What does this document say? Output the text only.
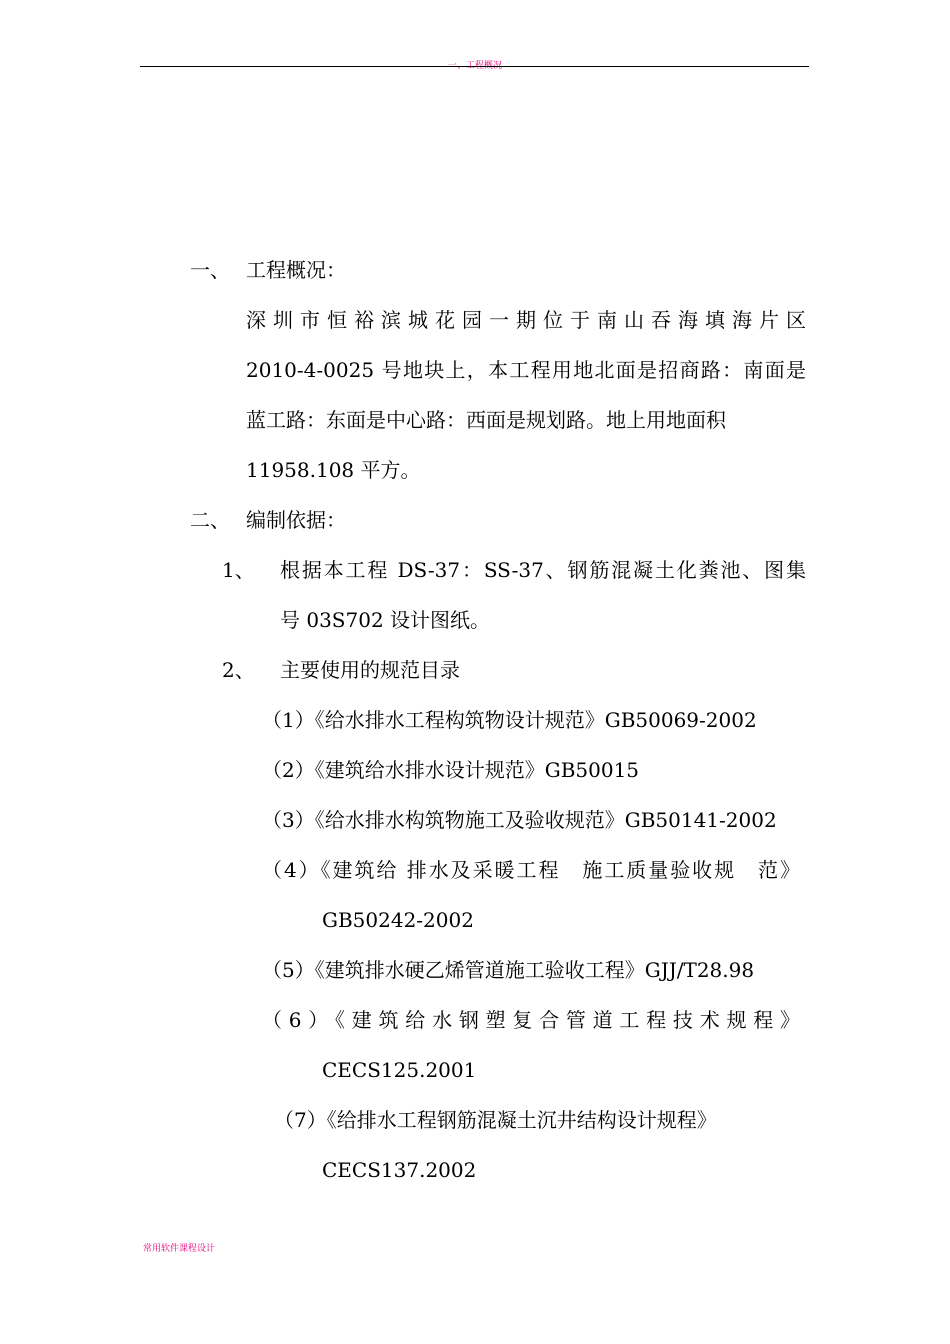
一、工程概况
一、 工程概况：
深圳市恒裕滨城花园一期位于南山吞海填海片区
2010-4-0025 号地块上，本工程用地北面是招商路：南面是
蓝工路：东面是中心路：西面是规划路。地上用地面积
11958.108 平方。
二、 编制依据：
1、 根据本工程 DS-37：SS-37、钢筋混凝土化粪池、图集
号 03S702 设计图纸。
2、 主要使用的规范目录
（1）《给水排水工程构筑物设计规范》GB50069-2002
（2）《建筑给水排水设计规范》GB50015
（3）《给水排水构筑物施工及验收规范》GB50141-2002
（4）《建筑给 排水及采暖工程　施工质量验收规　范》
GB50242-2002
（5）《建筑排水硬乙烯管道施工验收工程》GJJ/T28.98
（6）《建筑给水钢塑复合管道工程技术规程》
CECS125.2001
（7）《给排水工程钢筋混凝土沉井结构设计规程》
CECS137.2002
常用软件课程设计
